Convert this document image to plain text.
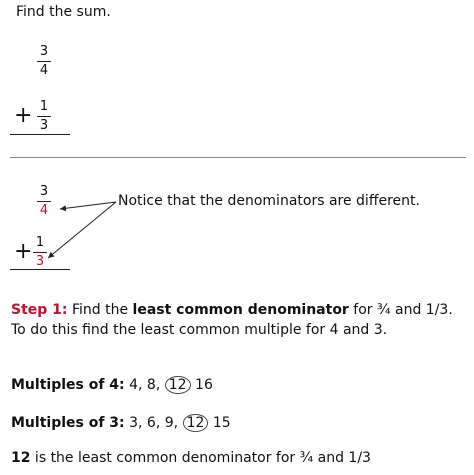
Find the sum.
3
4
+ 1
3
3
4
+ 1
3
Notice that the denominators are different.
Step 1: Find the least common denominator for ¾ and 1/3.
To do this find the least common multiple for 4 and 3.
Multiples of 4: 4, 8, 12 16
Multiples of 3: 3, 6, 9, 12 15
12 is the least common denominator for ¾ and 1/3
